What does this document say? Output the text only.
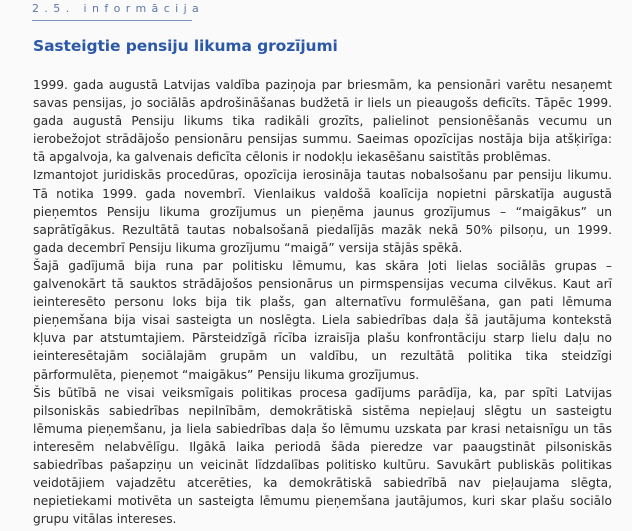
2.5. informācija
Sasteigtie pensiju likuma grozījumi

1999. gada augustā Latvijas valdība paziņoja par briesmām, ka pensionāri varētu nesaņemt savas pensijas, jo sociālās apdrošināšanas budžetā ir liels un pieaugošs deficīts. Tāpēc 1999. gada augustā Pensiju likums tika radikāli grozīts, palielinot pensionēšanās vecumu un ierobežojot strādājošo pensionāru pensijas summu. Saeimas opozīcijas nostāja bija atšķirīga: tā apgalvoja, ka galvenais deficīta cēlonis ir nodokļu iekasēšanu saistītās problēmas.

Izmantojot juridiskās procedūras, opozīcija ierosināja tautas nobalsošanu par pensiju likumu. Tā notika 1999. gada novembrī. Vienlaikus valdošā koalīcija nopietni pārskatīja augustā pieņemtos Pensiju likuma grozījumus un pieņēma jaunus grozījumus – “maigākus” un saprātīgākus. Rezultātā tautas nobalsošanā piedalījās mazāk nekā 50% pilsoņu, un 1999. gada decembrī Pensiju likuma grozījumu “maigā” versija stājās spēkā.

Šajā gadījumā bija runa par politisku lēmumu, kas skāra ļoti lielas sociālās grupas – galvenokārt tā sauktos strādājošos pensionārus un pirmspensijas vecuma cilvēkus. Kaut arī ieinteresēto personu loks bija tik plašs, gan alternatīvu formulēšana, gan pati lēmuma pieņemšana bija visai sasteigta un noslēgta. Liela sabiedrības daļa šā jautājuma kontekstā kļuva par atstumtajiem. Pārsteidzīgā rīcība izraisīja plašu konfrontāciju starp lielu daļu no ieinteresētajām sociālajām grupām un valdību, un rezultātā politika tika steidzīgi pārformulēta, pieņemot “maigākus” Pensiju likuma grozījumus.

Šis būtībā ne visai veiksmīgais politikas procesa gadījums parādīja, ka, par spīti Latvijas pilsoniskās sabiedrības nepilnībām, demokrātiskā sistēma nepieļauj slēgtu un sasteigtu lēmuma pieņemšanu, ja liela sabiedrības daļa šo lēmumu uzskata par krasi netaisnīgu un tās interesēm nelabvēlīgu. Ilgākā laika periodā šāda pieredze var paaugstināt pilsoniskās sabiedrības pašapziņu un veicināt līdzdalības politisko kultūru. Savukārt publiskās politikas veidotājiem vajadzētu atcerēties, ka demokrātiskā sabiedrībā nav pieļaujama slēgta, nepietiekami motivēta un sasteigta lēmumu pieņemšana jautājumos, kuri skar plašu sociālo grupu vitālas intereses.
